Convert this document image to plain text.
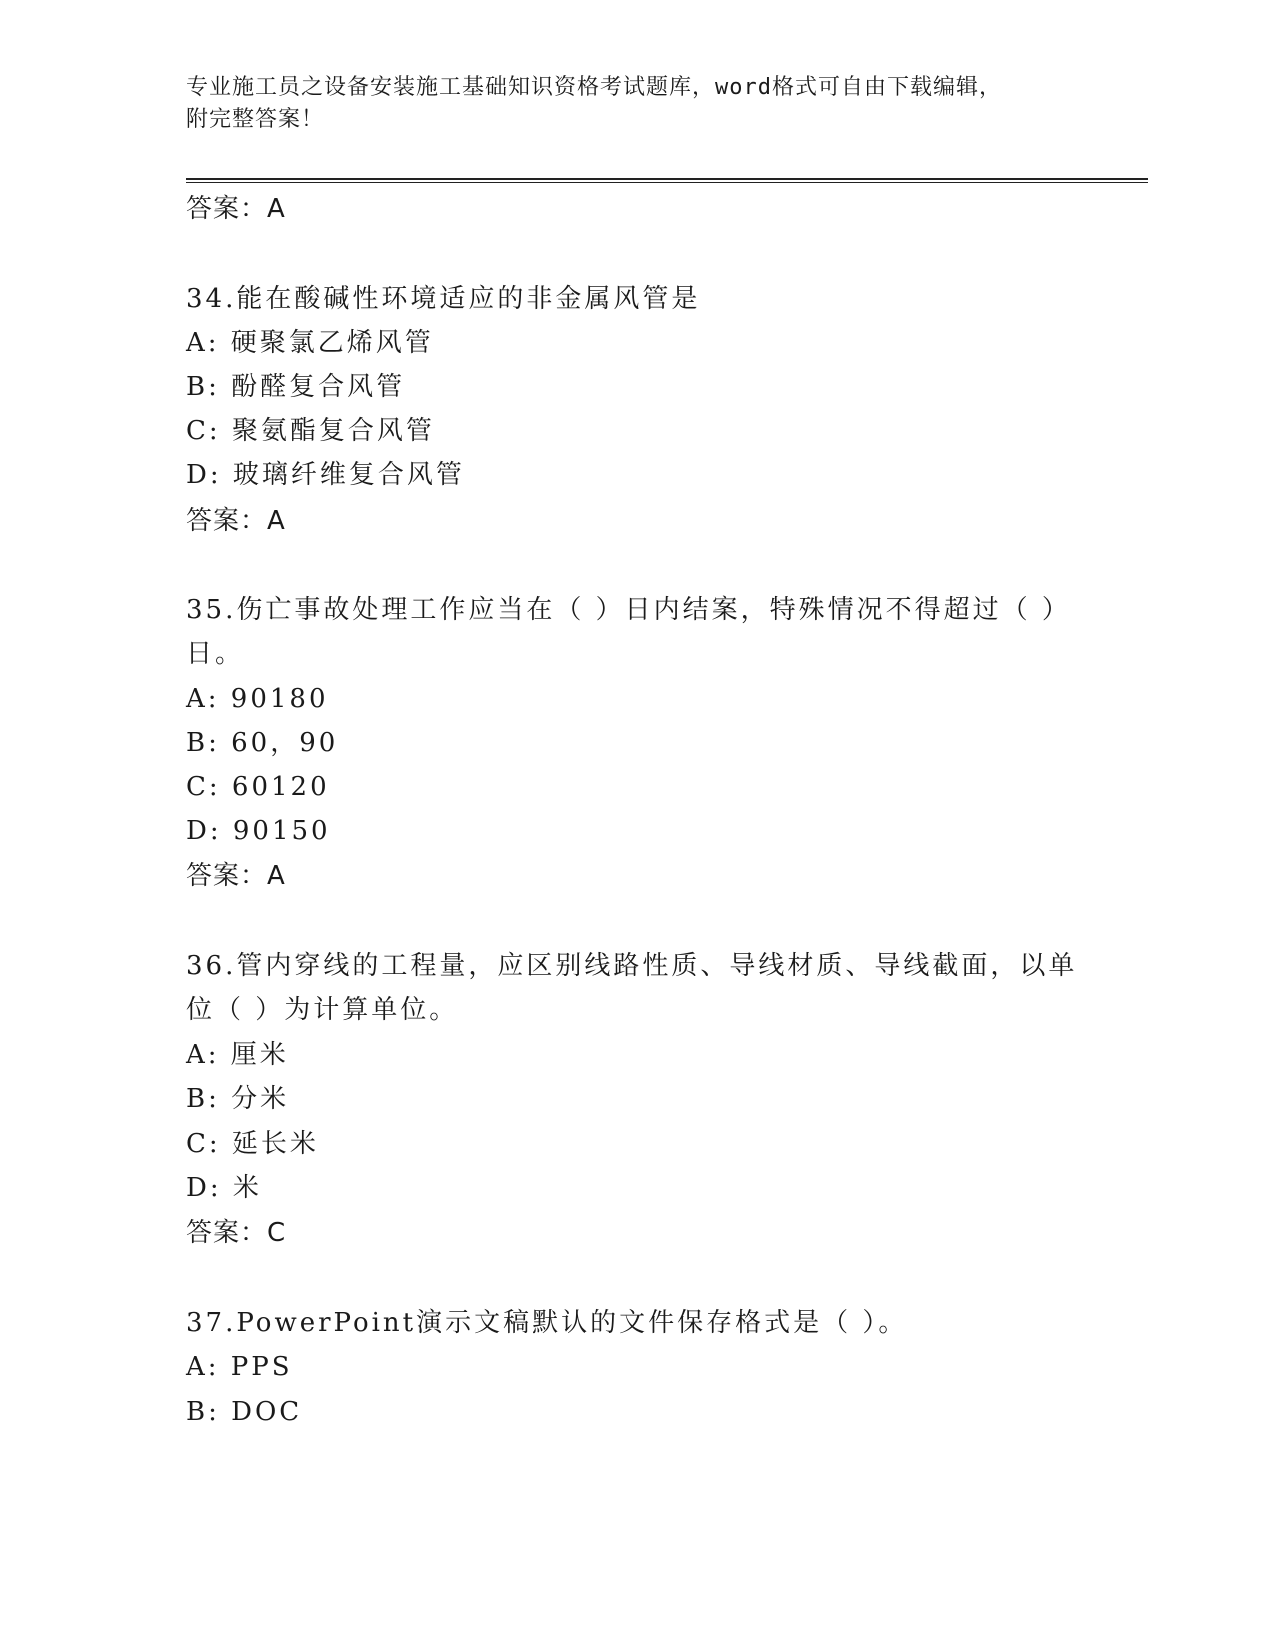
专业施工员之设备安装施工基础知识资格考试题库，word格式可自由下载编辑，
附完整答案！
答案：A
34.能在酸碱性环境适应的非金属风管是
A: 硬聚氯乙烯风管
B: 酚醛复合风管
C: 聚氨酯复合风管
D: 玻璃纤维复合风管
答案：A
35.伤亡事故处理工作应当在（ ）日内结案，特殊情况不得超过（ ）
日。
A: 90180
B: 60，90
C: 60120
D: 90150
答案：A
36.管内穿线的工程量，应区别线路性质、导线材质、导线截面，以单
位（ ）为计算单位。
A: 厘米
B: 分米
C: 延长米
D: 米
答案：C
37.PowerPoint演示文稿默认的文件保存格式是（ ）。
A: PPS
B: DOC
